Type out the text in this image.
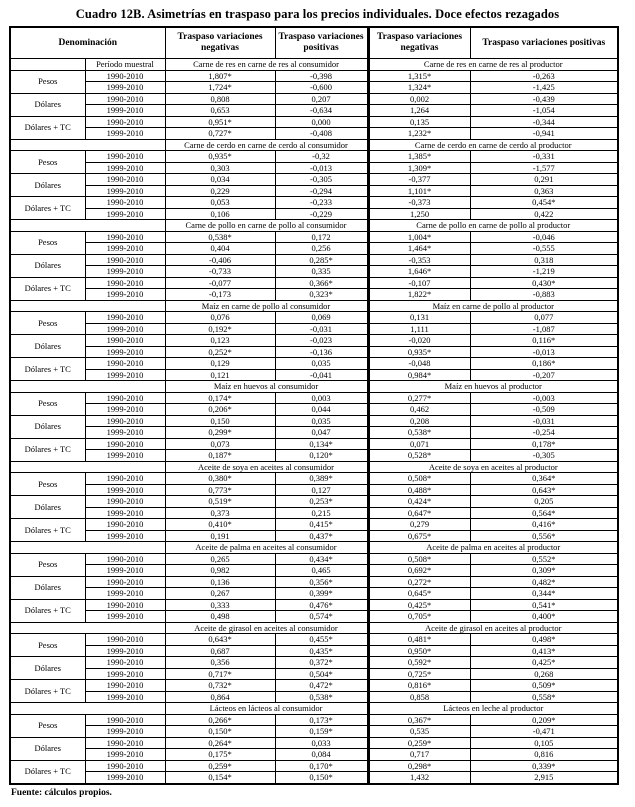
Cuadro 12B. Asimetrías en traspaso para los precios individuales. Doce efectos rezagados
Denominación		Traspaso variaciones negativas	Traspaso variaciones positivas	Traspaso variaciones negativas	Traspaso variaciones positivas
	Período muestral	Carne de res en carne de res al consumidor		Carne de res en carne de res al productor	
Pesos	1990-2010	1,807*	-0,398	1,315*	-0,263
	1999-2010	1,724*	-0,600	1,324*	-1,425
Dólares	1990-2010	0,808	0,207	0,002	-0,439
	1999-2010	0,653	-0,634	1,264	-1,054
Dólares + TC	1990-2010	0,951*	0,000	0,135	-0,344
	1999-2010	0,727*	-0,408	1,232*	-0,941
		Carne de cerdo en carne de cerdo al consumidor		Carne de cerdo en carne de cerdo al productor	
Pesos	1990-2010	0,935*	-0,32	1,385*	-0,331
	1999-2010	0,303	-0,013	1,309*	-1,577
Dólares	1990-2010	0,034	-0,305	-0,377	0,291
	1999-2010	0,229	-0,294	1,101*	0,363
Dólares + TC	1990-2010	0,053	-0,233	-0,373	0,454*
	1999-2010	0,106	-0,229	1,250	0,422
		Carne de pollo en carne de pollo al consumidor		Carne de pollo en carne de pollo al productor	
Pesos	1990-2010	0,538*	0,172	1,004*	-0,046
	1999-2010	0,404	0,256	1,464*	-0,555
Dólares	1990-2010	-0,406	0,285*	-0,353	0,318
	1999-2010	-0,733	0,335	1,646*	-1,219
Dólares + TC	1990-2010	-0,077	0,366*	-0,107	0,430*
	1999-2010	-0,173	0,323*	1,822*	-0,883
		Maíz en carne de pollo al consumidor		Maíz en carne de pollo al productor	
Pesos	1990-2010	0,076	0,069	0,131	0,077
	1999-2010	0,192*	-0,031	1,111	-1,087
Dólares	1990-2010	0,123	-0,023	-0,020	0,116*
	1999-2010	0,252*	-0,136	0,935*	-0,013
Dólares + TC	1990-2010	0,129	0,035	-0,048	0,186*
	1999-2010	0,121	-0,041	0,984*	-0,207
		Maíz en huevos al consumidor		Maíz en huevos al productor	
Pesos	1990-2010	0,174*	0,003	0,277*	-0,003
	1999-2010	0,206*	0,044	0,462	-0,509
Dólares	1990-2010	0,150	0,035	0,208	-0,031
	1999-2010	0,299*	0,047	0,538*	-0,254
Dólares + TC	1990-2010	0,073	0,134*	0,071	0,178*
	1999-2010	0,187*	0,120*	0,528*	-0,305
		Aceite de soya en aceites al consumidor		Aceite de soya en aceites al productor	
Pesos	1990-2010	0,380*	0,389*	0,508*	0,364*
	1999-2010	0,773*	0,127	0,488*	0,643*
Dólares	1990-2010	0,519*	0,253*	0,424*	0,205
	1999-2010	0,373	0,215	0,647*	0,564*
Dólares + TC	1990-2010	0,410*	0,415*	0,279	0,416*
	1999-2010	0,191	0,437*	0,675*	0,556*
		Aceite de palma en aceites al consumidor		Aceite de palma en aceites al productor	
Pesos	1990-2010	0,265	0,434*	0,508*	0,552*
	1999-2010	0,982	0,465	0,692*	0,309*
Dólares	1990-2010	0,136	0,356*	0,272*	0,482*
	1999-2010	0,267	0,399*	0,645*	0,344*
Dólares + TC	1990-2010	0,333	0,476*	0,425*	0,541*
	1999-2010	0,498	0,574*	0,705*	0,400*
		Aceite de girasol en aceites al consumidor		Aceite de girasol en aceites al productor	
Pesos	1990-2010	0,643*	0,455*	0,481*	0,498*
	1999-2010	0,687	0,435*	0,950*	0,413*
Dólares	1990-2010	0,356	0,372*	0,592*	0,425*
	1999-2010	0,717*	0,504*	0,725*	0,268
Dólares + TC	1990-2010	0,732*	0,472*	0,816*	0,509*
	1999-2010	0,864	0,538*	0,858	0,558*
		Lácteos en lácteos al consumidor		Lácteos en leche al productor	
Pesos	1990-2010	0,266*	0,173*	0,367*	0,209*
	1999-2010	0,150*	0,159*	0,535	-0,471
Dólares	1990-2010	0,264*	0,033	0,259*	0,105
	1999-2010	0,175*	0,084	0,717	0,816
Dólares + TC	1990-2010	0,259*	0,170*	0,298*	0,339*
	1999-2010	0,154*	0,150*	1,432	2,915
Fuente: cálculos propios.
